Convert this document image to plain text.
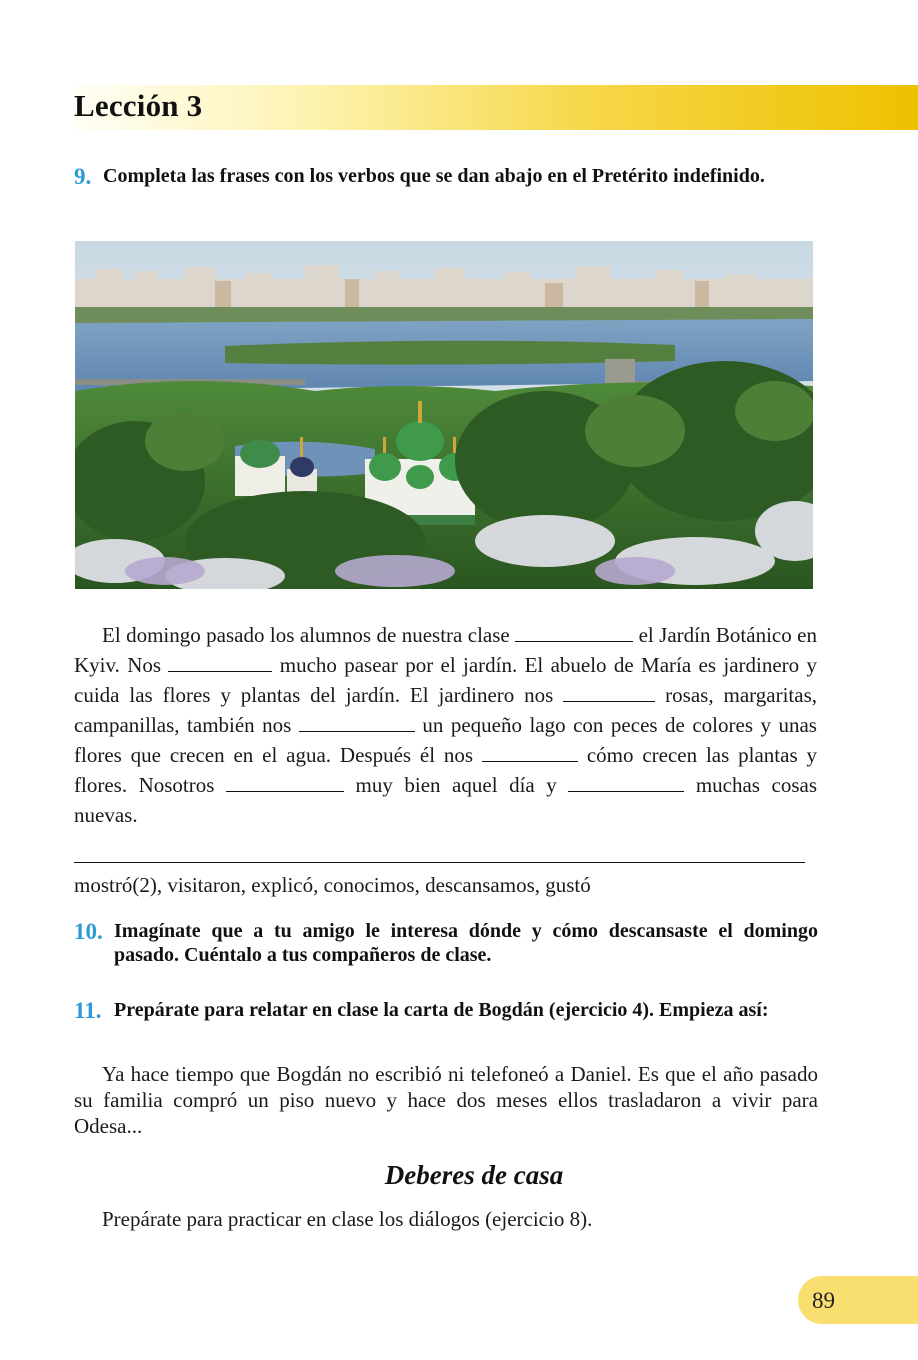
Lección 3
9. Completa las frases con los verbos que se dan abajo en el Pretérito indefinido.

El domingo pasado los alumnos de nuestra clase	el Jardín Botánico en Kyiv. Nos	mucho pasear por el jardín. El abuelo de María es jardinero y cuida las flores y plantas del jardín. El jardinero nos	rosas, margaritas, campanillas, también nos	un pequeño lago con peces de colores y unas flores que crecen en el agua. Después él nos	cómo crecen las plantas y flores. Nosotros	muy bien aquel día y	muchas cosas nuevas.

mostró(2), visitaron, explicó, conocimos, descansamos, gustó
10. Imagínate que a tu amigo le interesa dónde y cómo descansaste el domingo pasado. Cuéntalo a tus compañeros de clase.
11. Prepárate para relatar en clase la carta de Bogdán (ejercicio 4). Empieza así:

Ya hace tiempo que Bogdán no escribió ni telefoneó a Daniel. Es que el año pasado su familia compró un piso nuevo y hace dos meses ellos trasladaron a vivir para Odesa...

Deberes de casa

Prepárate para practicar en clase los diálogos (ejercicio 8).

89
